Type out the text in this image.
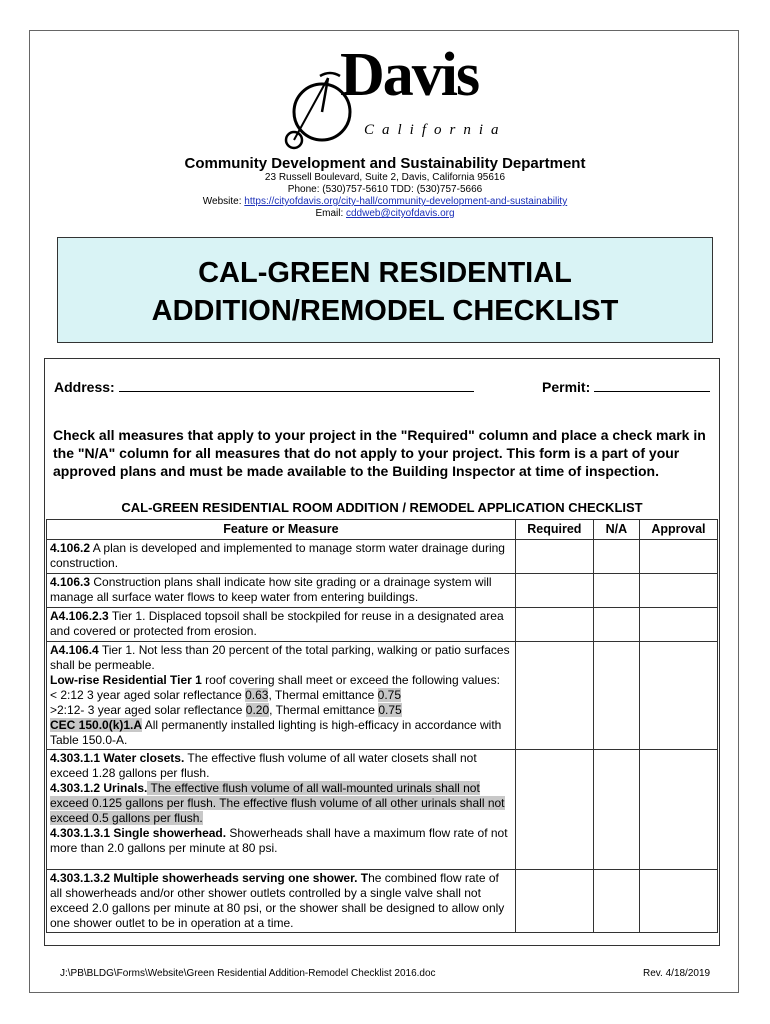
Davis
California
Community Development and Sustainability Department
23 Russell Boulevard, Suite 2, Davis, California 95616
Phone: (530)757-5610 TDD: (530)757-5666
Website: https://cityofdavis.org/city-hall/community-development-and-sustainability
Email: cddweb@cityofdavis.org
CAL-GREEN RESIDENTIAL
ADDITION/REMODEL CHECKLIST
Address:	Permit:
Check all measures that apply to your project in the "Required" column and place a check mark in the "N/A" column for all measures that do not apply to your project. This form is a part of your approved plans and must be made available to the Building Inspector at time of inspection.
CAL-GREEN RESIDENTIAL ROOM ADDITION / REMODEL APPLICATION CHECKLIST
Feature or Measure	Required	N/A	Approval
4.106.2 A plan is developed and implemented to manage storm water drainage during construction.			
4.106.3 Construction plans shall indicate how site grading or a drainage system will manage all surface water flows to keep water from entering buildings.			
A4.106.2.3 Tier 1. Displaced topsoil shall be stockpiled for reuse in a designated area and covered or protected from erosion.			
A4.106.4 Tier 1. Not less than 20 percent of the total parking, walking or patio surfaces shall be permeable.
Low-rise Residential Tier 1 roof covering shall meet or exceed the following values:
< 2:12 3 year aged solar reflectance 0.63, Thermal emittance 0.75
>2:12- 3 year aged solar reflectance 0.20, Thermal emittance 0.75
CEC 150.0(k)1.A All permanently installed lighting is high-efficacy in accordance with Table 150.0-A.			
4.303.1.1 Water closets. The effective flush volume of all water closets shall not exceed 1.28 gallons per flush.
4.303.1.2 Urinals. The effective flush volume of all wall-mounted urinals shall not exceed 0.125 gallons per flush. The effective flush volume of all other urinals shall not exceed 0.5 gallons per flush.
4.303.1.3.1 Single showerhead. Showerheads shall have a maximum flow rate of not more than 2.0 gallons per minute at 80 psi.

4.303.1.3.2 Multiple showerheads serving one shower. The combined flow rate of all showerheads and/or other shower outlets controlled by a single valve shall not exceed 2.0 gallons per minute at 80 psi, or the shower shall be designed to allow only one shower outlet to be in operation at a time.			
J:\PB\BLDG\Forms\Website\Green Residential Addition-Remodel Checklist 2016.doc	Rev. 4/18/2019
